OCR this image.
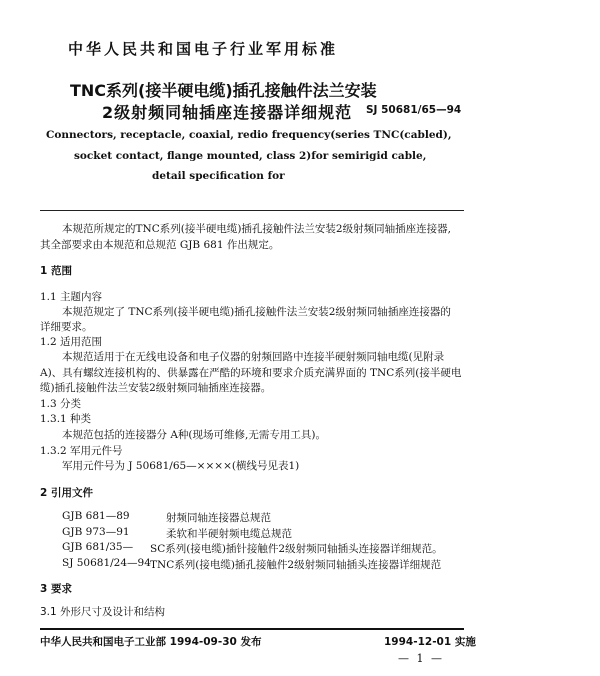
中华人民共和国电子行业军用标准
TNC系列(接半硬电缆)插孔接触件法兰安装
2级射频同轴插座连接器详细规范 SJ 50681/65—94
Connectors, receptacle, coaxial, redio frequency(series TNC(cabled),
socket contact, flange mounted, class 2)for semirigid cable,
detail specification for
本规范所规定的TNC系列(接半硬电缆)插孔接触件法兰安装2级射频同轴插座连接器,
其全部要求由本规范和总规范 GJB 681 作出规定。
1 范围
1.1 主题内容
本规范规定了 TNC系列(接半硬电缆)插孔接触件法兰安装2级射频同轴插座连接器的
详细要求。
1.2 适用范围
本规范适用于在无线电设备和电子仪器的射频回路中连接半硬射频同轴电缆(见附录
A)、具有螺纹连接机构的、供暴露在严酷的环境和要求介质充满界面的 TNC系列(接半硬电
缆)插孔接触件法兰安装2级射频同轴插座连接器。
1.3 分类
1.3.1 种类
本规范包括的连接器分 A种(现场可维修,无需专用工具)。
1.3.2 军用元件号
军用元件号为 J 50681/65—××××(横线号见表1)
2 引用文件
GJB 681—89	射频同轴连接器总规范
GJB 973—91	柔软和半硬射频电缆总规范
GJB 681/35— SC系列(接电缆)插针接触件2级射频同轴插头连接器详细规范。
SJ 50681/24—94 TNC系列(接电缆)插孔接触件2级射频同轴插头连接器详细规范
3 要求
3.1 外形尺寸及设计和结构
中华人民共和国电子工业部 1994-09-30 发布	1994-12-01 实施
— 1 —
